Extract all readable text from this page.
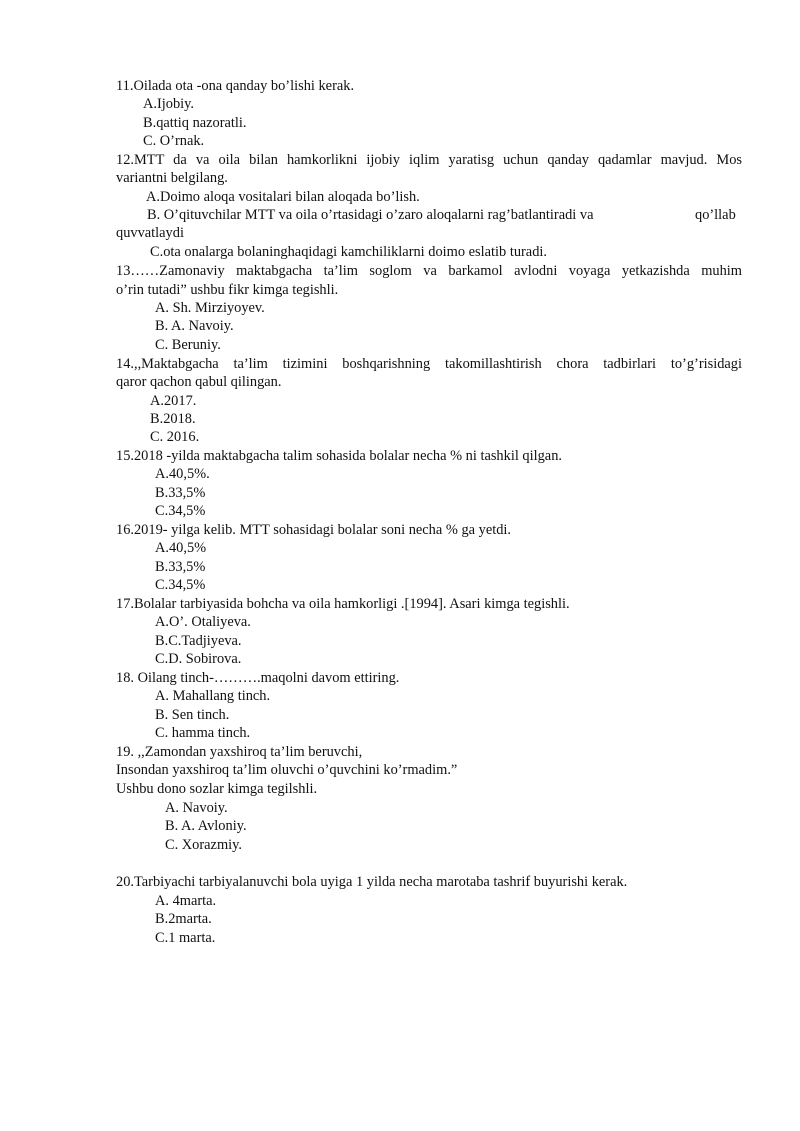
11.Oilada ota -ona qanday bo’lishi kerak.
A.Ijobiy.
B.qattiq nazoratli.
C. O’rnak.
12.MTT da va oila bilan hamkorlikni ijobiy iqlim yaratisg uchun qanday qadamlar mavjud. Mos
variantni belgilang.
A.Doimo aloqa vositalari bilan aloqada bo’lish.
B. O’qituvchilar MTT va oila o’rtasidagi o’zaro aloqalarni rag’batlantiradi va	qo’llab
quvvatlaydi
C.ota onalarga bolaninghaqidagi kamchiliklarni doimo eslatib turadi.
13……Zamonaviy maktabgacha ta’lim soglom va barkamol avlodni voyaga yetkazishda muhim
o’rin tutadi” ushbu fikr kimga tegishli.
A. Sh. Mirziyoyev.
B. A. Navoiy.
C. Beruniy.
14.,,Maktabgacha ta’lim tizimini boshqarishning takomillashtirish chora tadbirlari to’g’risidagi
qaror qachon qabul qilingan.
A.2017.
B.2018.
C. 2016.
15.2018 -yilda maktabgacha talim sohasida bolalar necha % ni tashkil qilgan.
A.40,5%.
B.33,5%
C.34,5%
16.2019- yilga kelib. MTT sohasidagi bolalar soni necha % ga yetdi.
A.40,5%
B.33,5%
C.34,5%
17.Bolalar tarbiyasida bohcha va oila hamkorligi .[1994]. Asari kimga tegishli.
A.O’. Otaliyeva.
B.C.Tadjiyeva.
C.D. Sobirova.
18. Oilang tinch-……….maqolni davom ettiring.
A. Mahallang tinch.
B. Sen tinch.
C. hamma tinch.
19. ,,Zamondan yaxshiroq ta’lim beruvchi,
Insondan yaxshiroq ta’lim oluvchi o’quvchini ko’rmadim.”
Ushbu dono sozlar kimga tegilshli.
A. Navoiy.
B. A. Avloniy.
C. Xorazmiy.
20.Tarbiyachi tarbiyalanuvchi bola uyiga 1 yilda necha marotaba tashrif buyurishi kerak.
A. 4marta.
B.2marta.
C.1 marta.
